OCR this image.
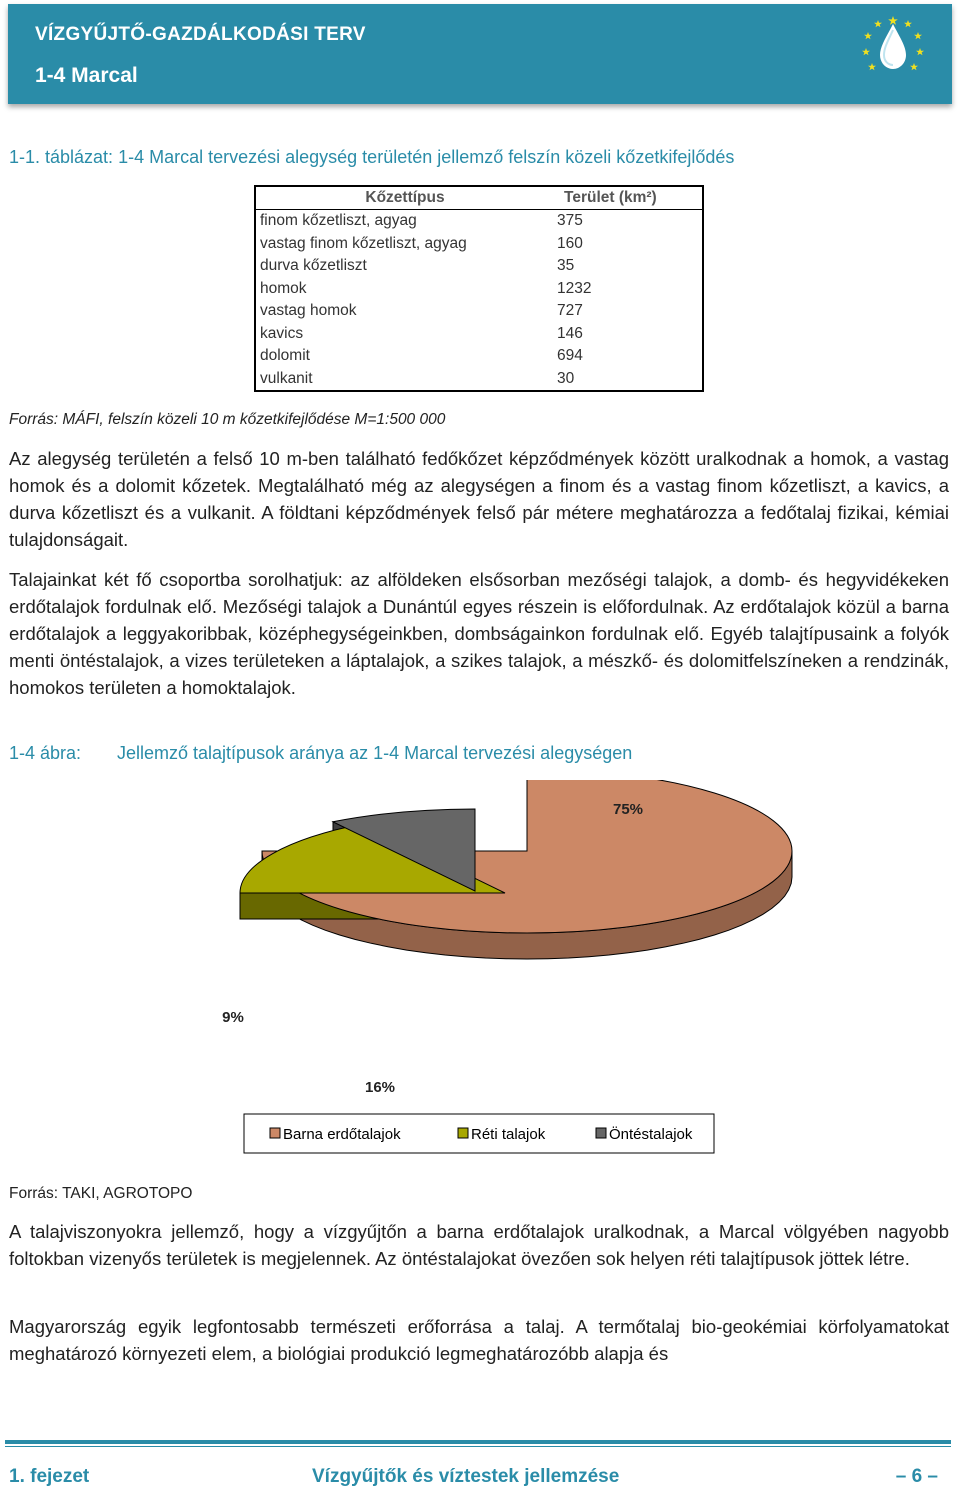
VÍZGYŰJTŐ-GAZDÁLKODÁSI TERV
1-4 Marcal
1-1. táblázat: 1-4 Marcal tervezési alegység területén jellemző felszín közeli kőzetkifejlődés
Kőzettípus	Terület (km²)
finom kőzetliszt, agyag	375
vastag finom kőzetliszt, agyag	160
durva kőzetliszt	35
homok	1232
vastag homok	727
kavics	146
dolomit	694
vulkanit	30
Forrás: MÁFI, felszín közeli 10 m kőzetkifejlődése M=1:500 000

Az alegység területén a felső 10 m-ben található fedőkőzet képződmények között uralkodnak a homok, a vastag homok és a dolomit kőzetek. Megtalálható még az alegységen a finom és a vastag finom kőzetliszt, a kavics, a durva kőzetliszt és a vulkanit. A földtani képződmények felső pár métere meghatározza a fedőtalaj fizikai, kémiai tulajdonságait.

Talajainkat két fő csoportba sorolhatjuk: az alföldeken elsősorban mezőségi talajok, a domb- és hegyvidékeken erdőtalajok fordulnak elő. Mezőségi talajok a Dunántúl egyes részein is előfordulnak. Az erdőtalajok közül a barna erdőtalajok a leggyakoribbak, középhegységeinkben, dombságainkon fordulnak elő. Egyéb talajtípusaink a folyók menti öntéstalajok, a vizes területeken a láptalajok, a szikes talajok, a mészkő- és dolomitfelszíneken a rendzinák, homokos területen a homoktalajok.

1-4 ábra: Jellemző talajtípusok aránya az 1-4 Marcal tervezési alegységen
75%
16%
9%
Barna erdőtalajok	Réti talajok	Öntéstalajok
Forrás: TAKI, AGROTOPO

A talajviszonyokra jellemző, hogy a vízgyűjtőn a barna erdőtalajok uralkodnak, a Marcal völgyében nagyobb foltokban vizenyős területek is megjelennek. Az öntéstalajokat övezően sok helyen réti talajtípusok jöttek létre.

Magyarország egyik legfontosabb természeti erőforrása a talaj. A termőtalaj bio-geokémiai körfolyamatokat meghatározó környezeti elem, a biológiai produkció legmeghatározóbb alapja és

1. fejezet	Vízgyűjtők és víztestek jellemzése	– 6 –
